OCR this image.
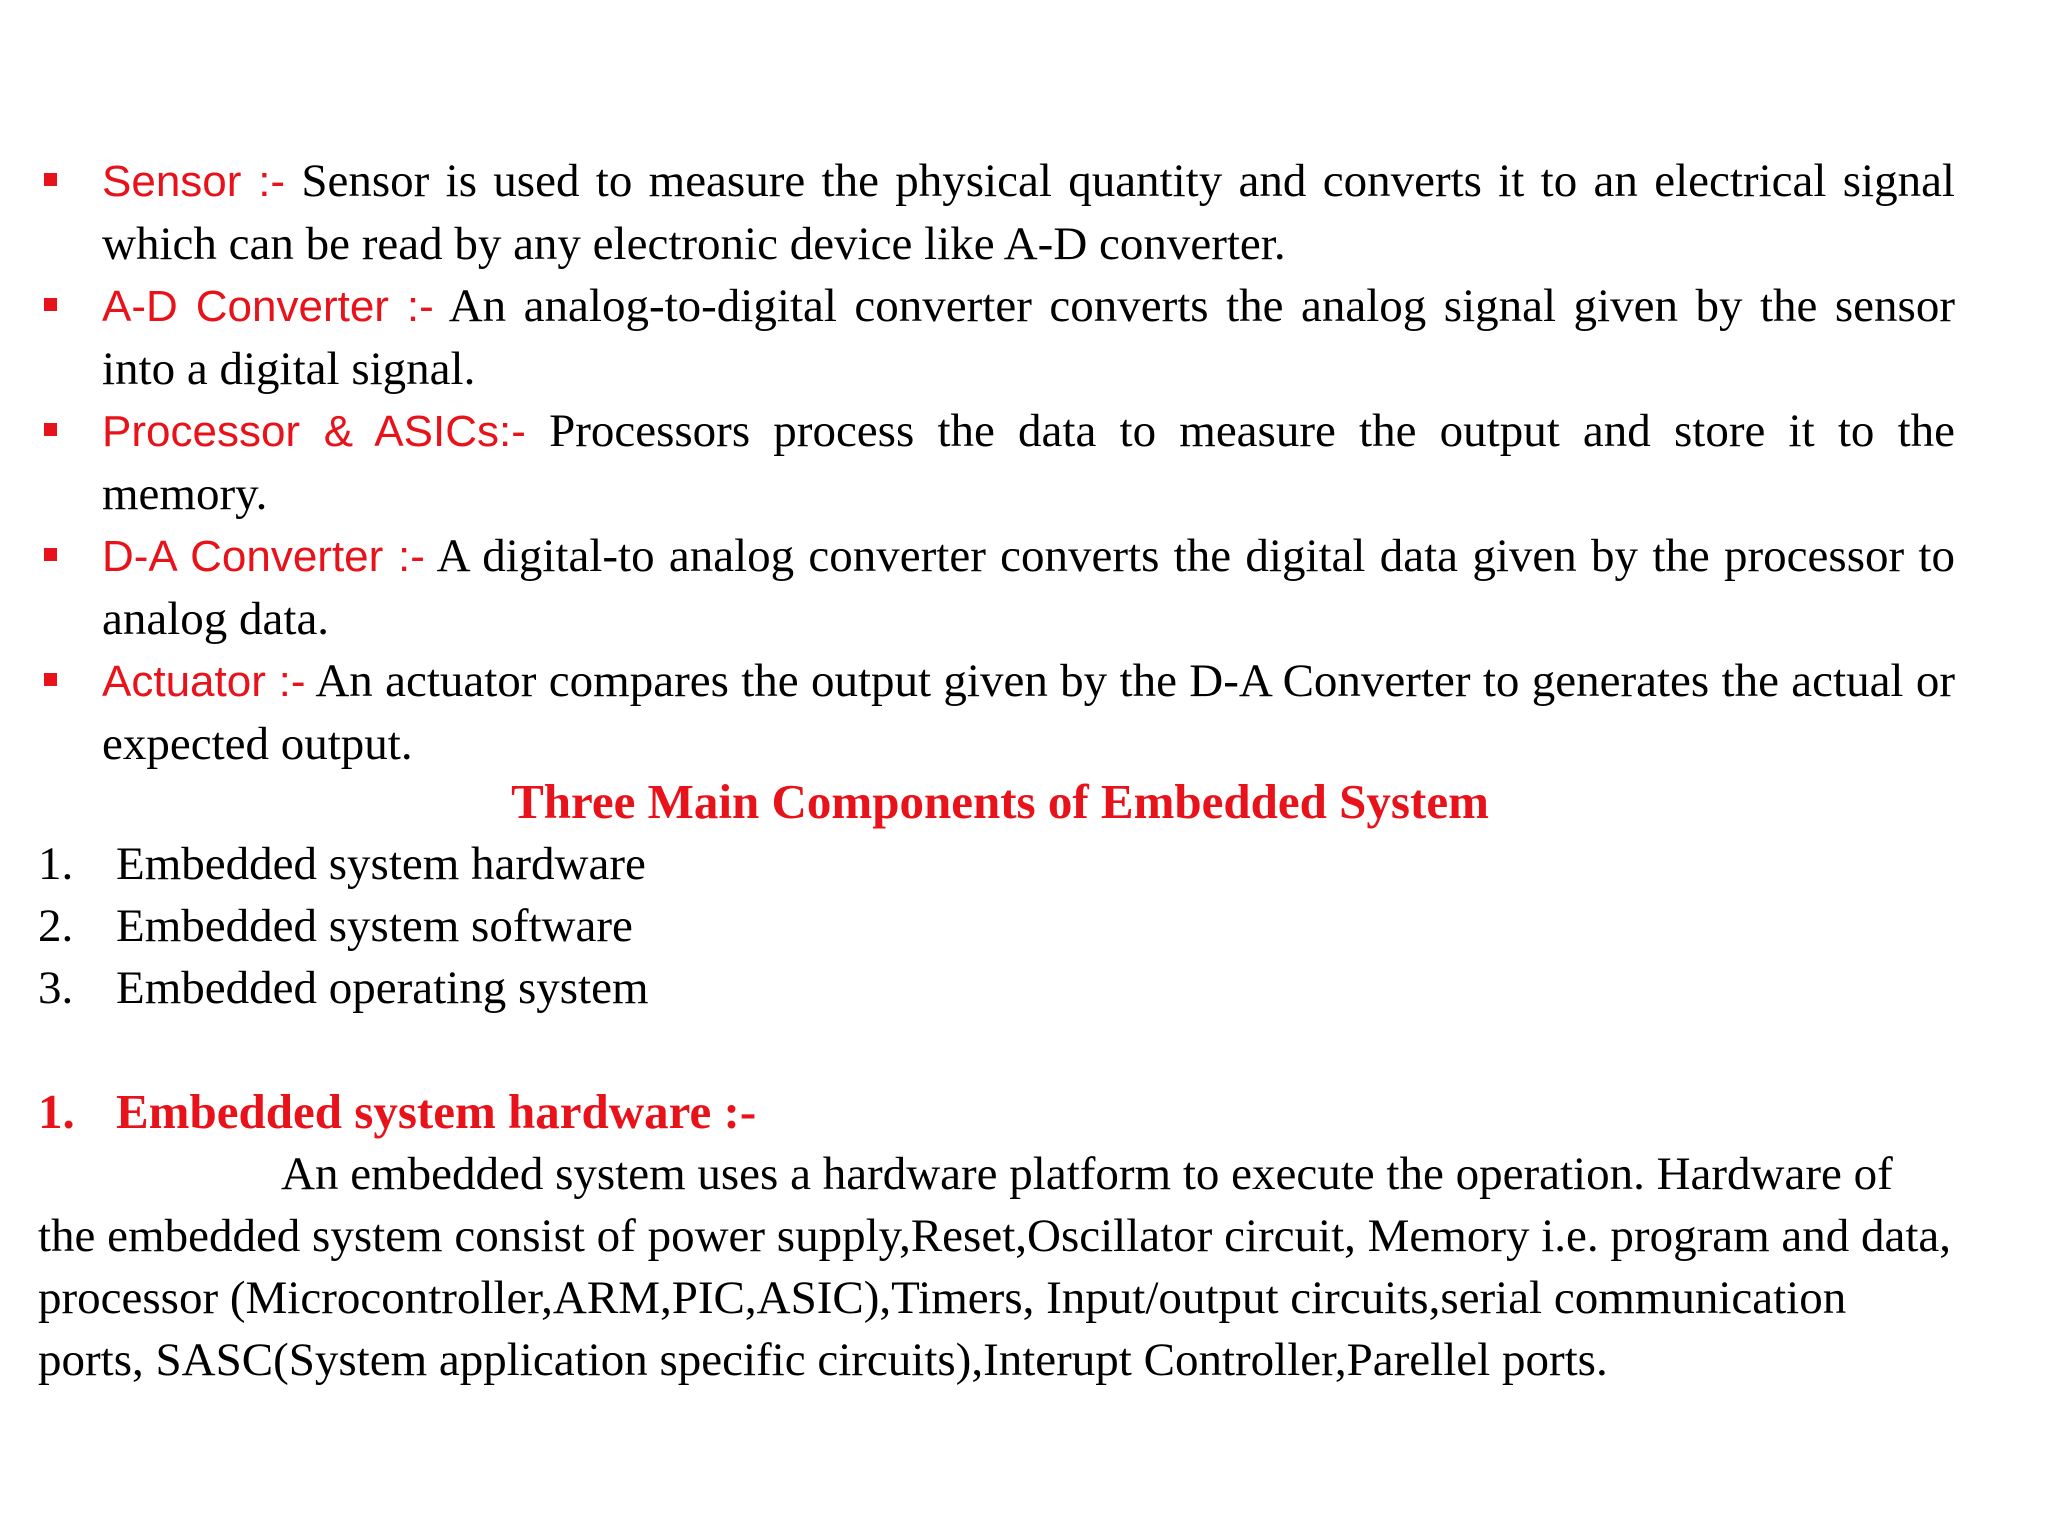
Sensor :- Sensor is used to measure the physical quantity and converts it to an electrical signal which can be read by any electronic device like A-D converter.
A-D Converter :- An analog-to-digital converter converts the analog signal given by the sensor into a digital signal.
Processor & ASICs:- Processors process the data to measure the output and store it to the memory.
D-A Converter :- A digital-to analog converter converts the digital data given by the processor to analog data.
Actuator :- An actuator compares the output given by the D-A Converter to generates the actual or expected output.
Three Main Components of Embedded System
1. Embedded system hardware
2. Embedded system software
3. Embedded operating system
1. Embedded system hardware :-

An embedded system uses a hardware platform to execute the operation. Hardware of the embedded system consist of power supply,Reset,Oscillator circuit, Memory i.e. program and data, processor (Microcontroller,ARM,PIC,ASIC),Timers, Input/output circuits,serial communication ports, SASC(System application specific circuits),Interupt Controller,Parellel ports.
